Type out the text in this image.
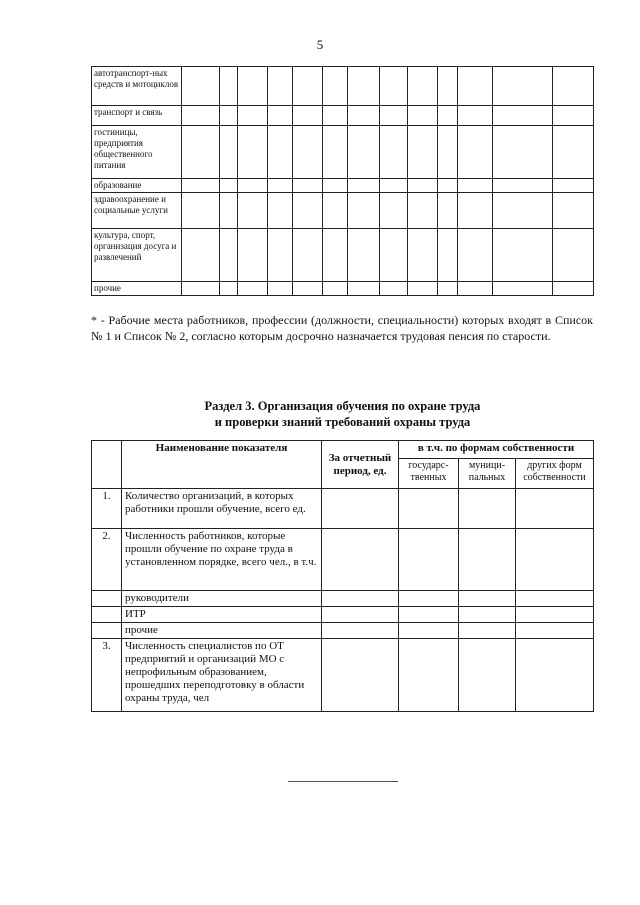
5
автотранспорт-ных средств и мотоциклов													
транспорт и связь													
гостиницы, предприятия общественного питания													
образование													
здравоохранение и социальные услуги													
культура, спорт, организация досуга и развлечений													
прочие													
* - Рабочие места работников, профессии (должности, специальности) которых входят в Список № 1 и Список № 2, согласно которым досрочно назначается трудовая пенсия по старости.
Раздел 3. Организация обучения по охране труда
и проверки знаний требований охраны труда
	Наименование показателя	За отчетный период, ед.	в т.ч. по формам собственности		
			государс-твенных	муници-пальных	других форм собственности
1.	Количество организаций, в которых работники прошли обучение, всего ед.				
2.	Численность работников, которые прошли обучение по охране труда в установленном порядке, всего чел., в т.ч.				
	руководители				
	ИТР				
	прочие				
3.	Численность специалистов по ОТ предприятий и организаций МО с непрофильным образованием, прошедших переподготовку в области охраны труда, чел				
